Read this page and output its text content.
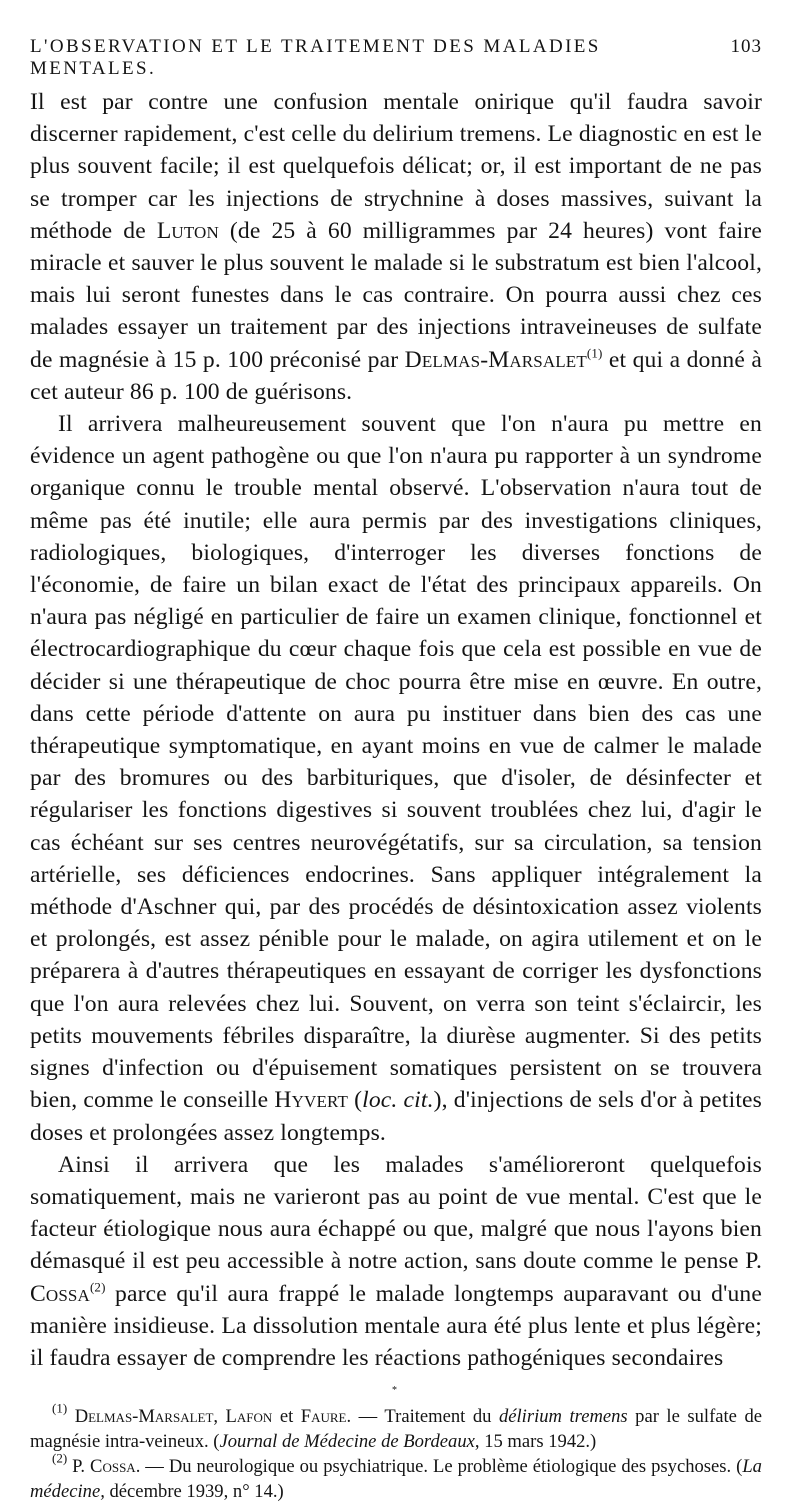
L'OBSERVATION ET LE TRAITEMENT DES MALADIES MENTALES.
103

Il est par contre une confusion mentale onirique qu'il faudra savoir discerner rapidement, c'est celle du delirium tremens. Le diagnostic en est le plus souvent facile; il est quelquefois délicat; or, il est important de ne pas se tromper car les injections de strychnine à doses massives, suivant la méthode de Luton (de 25 à 60 milligrammes par 24 heures) vont faire miracle et sauver le plus souvent le malade si le substratum est bien l'alcool, mais lui seront funestes dans le cas contraire. On pourra aussi chez ces malades essayer un traitement par des injections intraveineuses de sulfate de magnésie à 15 p. 100 préconisé par Delmas-Marsalet$^{(1)}$ et qui a donné à cet auteur 86 p. 100 de guérisons.

Il arrivera malheureusement souvent que l'on n'aura pu mettre en évidence un agent pathogène ou que l'on n'aura pu rapporter à un syndrome organique connu le trouble mental observé. L'observation n'aura tout de même pas été inutile; elle aura permis par des investigations cliniques, radiologiques, biologiques, d'interroger les diverses fonctions de l'économie, de faire un bilan exact de l'état des principaux appareils. On n'aura pas négligé en particulier de faire un examen clinique, fonctionnel et électrocardiographique du cœur chaque fois que cela est possible en vue de décider si une thérapeutique de choc pourra être mise en œuvre. En outre, dans cette période d'attente on aura pu instituer dans bien des cas une thérapeutique symptomatique, en ayant moins en vue de calmer le malade par des bromures ou des barbituriques, que d'isoler, de désinfecter et régulariser les fonctions digestives si souvent troublées chez lui, d'agir le cas échéant sur ses centres neurovégétatifs, sur sa circulation, sa tension artérielle, ses déficiences endocrines. Sans appliquer intégralement la méthode d'Aschner qui, par des procédés de désintoxication assez violents et prolongés, est assez pénible pour le malade, on agira utilement et on le préparera à d'autres thérapeutiques en essayant de corriger les dysfonctions que l'on aura relevées chez lui. Souvent, on verra son teint s'éclaircir, les petits mouvements fébriles disparaître, la diurèse augmenter. Si des petits signes d'infection ou d'épuisement somatiques persistent on se trouvera bien, comme le conseille Hyvert (loc. cit.), d'injections de sels d'or à petites doses et prolongées assez longtemps.

Ainsi il arrivera que les malades s'amélioreront quelquefois somatiquement, mais ne varieront pas au point de vue mental. C'est que le facteur étiologique nous aura échappé ou que, malgré que nous l'ayons bien démasqué il est peu accessible à notre action, sans doute comme le pense P. Cossa$^{(2)}$ parce qu'il aura frappé le malade longtemps auparavant ou d'une manière insidieuse. La dissolution mentale aura été plus lente et plus légère; il faudra essayer de comprendre les réactions pathogéniques secondaires

*

$^{(1)}$ Delmas-Marsalet, Lafon et Faure. — Traitement du délirium tremens par le sulfate de magnésie intra-veineux. (Journal de Médecine de Bordeaux, 15 mars 1942.)

$^{(2)}$ P. Cossa. — Du neurologique ou psychiatrique. Le problème étiologique des psychoses. (La médecine, décembre 1939, n° 14.)
